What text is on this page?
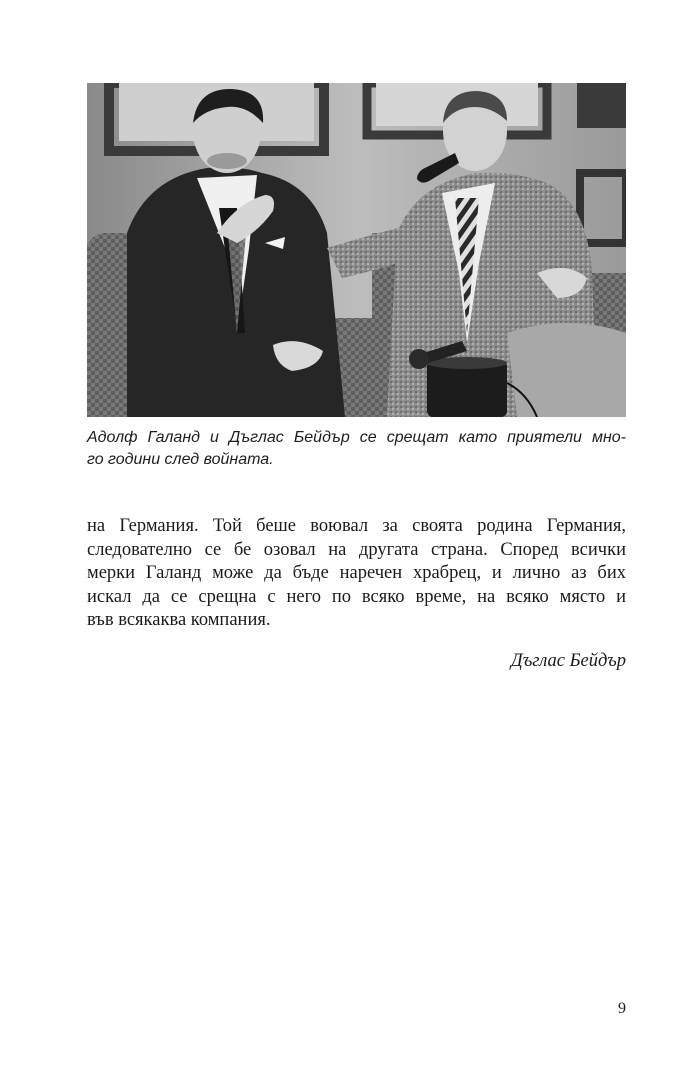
Адолф Галанд и Дъглас Бейдър се срещат като приятели мно-
го години след войната.

на Германия. Той беше воювал за своята родина Германия,
следователно се бе озовал на другата страна. Според всички
мерки Галанд може да бъде наречен храбрец, и лично аз бих
искал да се срещна с него по всяко време, на всяко място и
във всякаква компания.

Дъглас Бейдър

9
